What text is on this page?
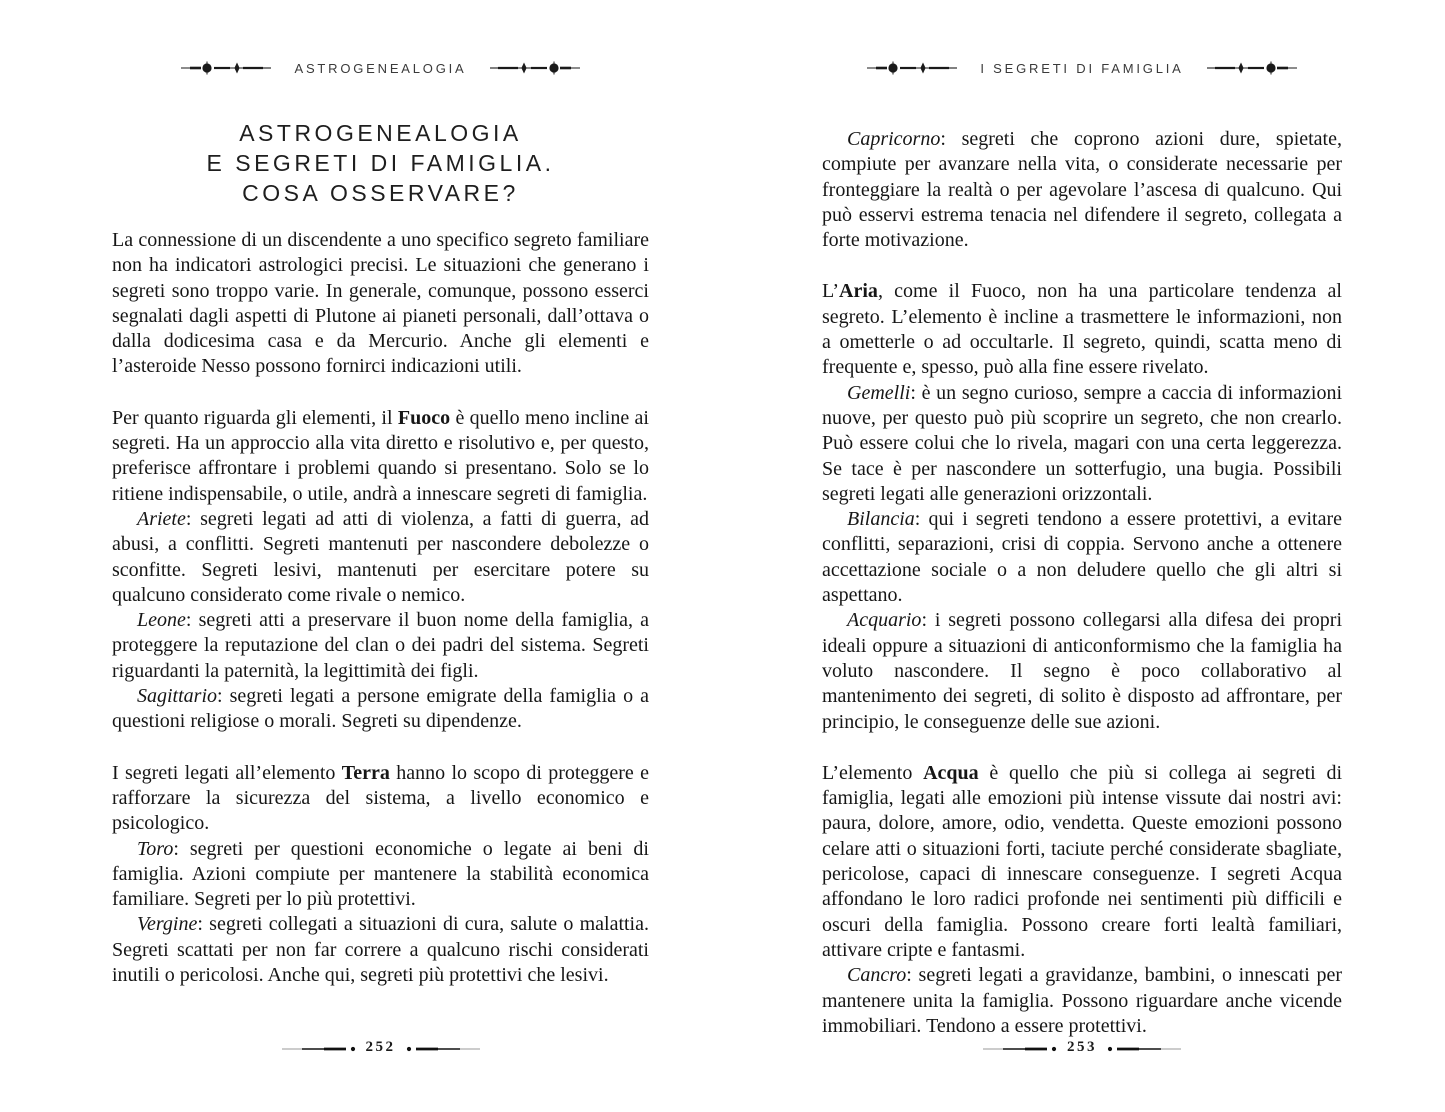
ASTROGENEALOGIA
ASTROGENEALOGIA
E SEGRETI DI FAMIGLIA.
COSA OSSERVARE?

La connessione di un discendente a uno specifico segreto familiare non ha indicatori astrologici precisi. Le situazioni che generano i segreti sono troppo varie. In generale, comunque, possono esserci segnalati dagli aspetti di Plutone ai pianeti personali, dall’ottava o dalla dodicesima casa e da Mercurio. Anche gli elementi e l’asteroide Nesso possono fornirci indicazioni utili.

Per quanto riguarda gli elementi, il Fuoco è quello meno incline ai segreti. Ha un approccio alla vita diretto e risolutivo e, per questo, preferisce affrontare i problemi quando si presentano. Solo se lo ritiene indispensabile, o utile, andrà a innescare segreti di famiglia.

Ariete: segreti legati ad atti di violenza, a fatti di guerra, ad abusi, a conflitti. Segreti mantenuti per nascondere debolezze o sconfitte. Segreti lesivi, mantenuti per esercitare potere su qualcuno considerato come rivale o nemico.

Leone: segreti atti a preservare il buon nome della famiglia, a proteggere la reputazione del clan o dei padri del sistema. Segreti riguardanti la paternità, la legittimità dei figli.

Sagittario: segreti legati a persone emigrate della famiglia o a questioni religiose o morali. Segreti su dipendenze.

I segreti legati all’elemento Terra hanno lo scopo di proteggere e rafforzare la sicurezza del sistema, a livello economico e psicologico.

Toro: segreti per questioni economiche o legate ai beni di famiglia. Azioni compiute per mantenere la stabilità economica familiare. Segreti per lo più protettivi.

Vergine: segreti collegati a situazioni di cura, salute o malattia. Segreti scattati per non far correre a qualcuno rischi considerati inutili o pericolosi. Anche qui, segreti più protettivi che lesivi.

252
I SEGRETI DI FAMIGLIA

Capricorno: segreti che coprono azioni dure, spietate, compiute per avanzare nella vita, o considerate necessarie per fronteggiare la realtà o per agevolare l’ascesa di qualcuno. Qui può esservi estrema tenacia nel difendere il segreto, collegata a forte motivazione.

L’Aria, come il Fuoco, non ha una particolare tendenza al segreto. L’elemento è incline a trasmettere le informazioni, non a ometterle o ad occultarle. Il segreto, quindi, scatta meno di frequente e, spesso, può alla fine essere rivelato.

Gemelli: è un segno curioso, sempre a caccia di informazioni nuove, per questo può più scoprire un segreto, che non crearlo. Può essere colui che lo rivela, magari con una certa leggerezza. Se tace è per nascondere un sotterfugio, una bugia. Possibili segreti legati alle generazioni orizzontali.

Bilancia: qui i segreti tendono a essere protettivi, a evitare conflitti, separazioni, crisi di coppia. Servono anche a ottenere accettazione sociale o a non deludere quello che gli altri si aspettano.

Acquario: i segreti possono collegarsi alla difesa dei propri ideali oppure a situazioni di anticonformismo che la famiglia ha voluto nascondere. Il segno è poco collaborativo al mantenimento dei segreti, di solito è disposto ad affrontare, per principio, le conseguenze delle sue azioni.

L’elemento Acqua è quello che più si collega ai segreti di famiglia, legati alle emozioni più intense vissute dai nostri avi: paura, dolore, amore, odio, vendetta. Queste emozioni possono celare atti o situazioni forti, taciute perché considerate sbagliate, pericolose, capaci di innescare conseguenze. I segreti Acqua affondano le loro radici profonde nei sentimenti più difficili e oscuri della famiglia. Possono creare forti lealtà familiari, attivare cripte e fantasmi.

Cancro: segreti legati a gravidanze, bambini, o innescati per mantenere unita la famiglia. Possono riguardare anche vicende immobiliari. Tendono a essere protettivi.

253
